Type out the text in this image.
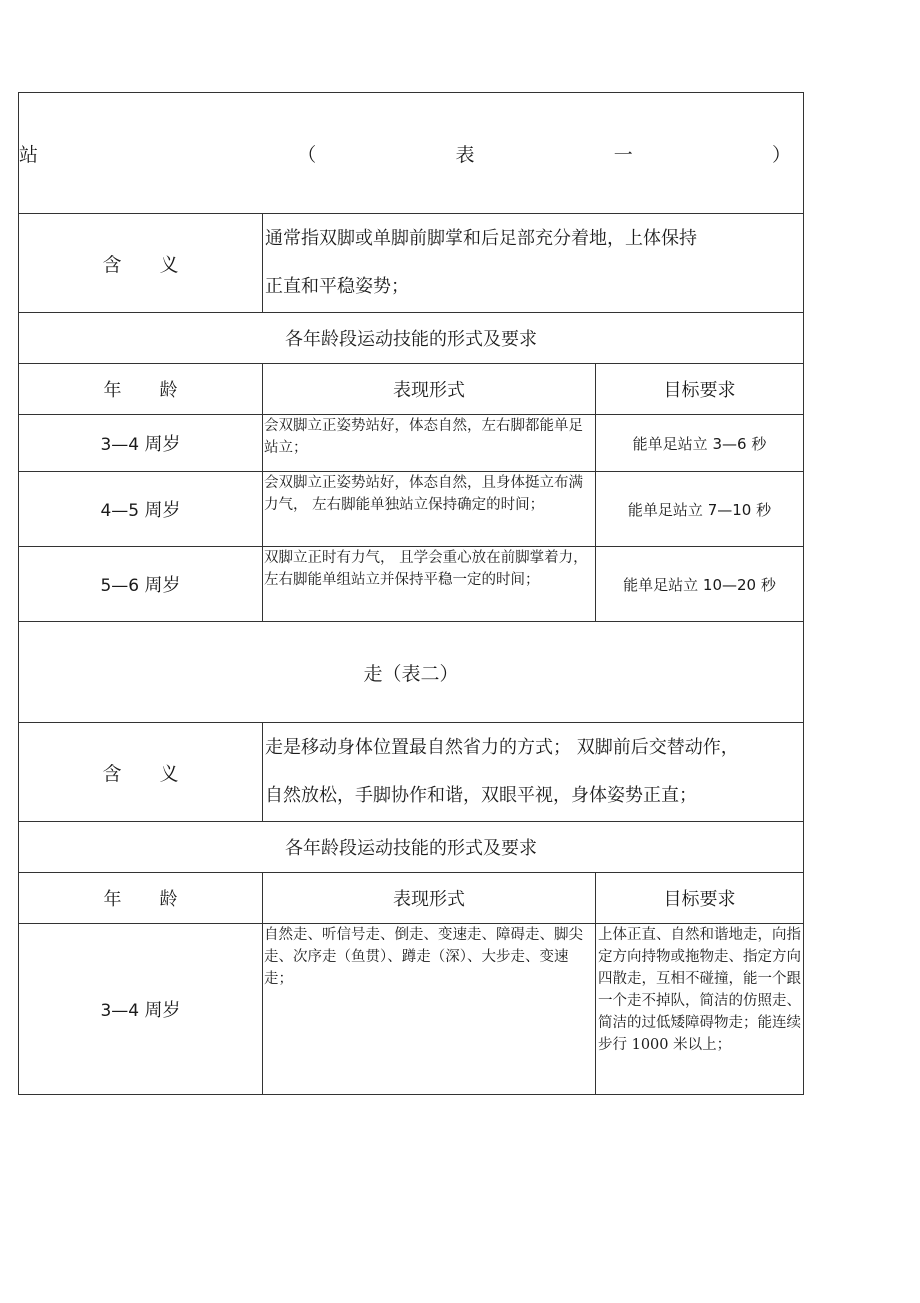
站 （ 表 一 ）		

含 义	通常指双脚或单脚前脚掌和后足部充分着地，上体保持
正直和平稳姿势；	

各年龄段运动技能的形式及要求		
年 龄	表现形式	目标要求
3—4 周岁	会双脚立正姿势站好，体态自然，左右脚都能单足站立；	能单足站立 3—6 秒
4—5 周岁	会双脚立正姿势站好，体态自然，且身体挺立布满力气， 左右脚能单独站立保持确定的时间；	能单足站立 7—10 秒
5—6 周岁	双脚立正时有力气， 且学会重心放在前脚掌着力， 左右脚能单组站立并保持平稳一定的时间；	能单足站立 10—20 秒
走（表二）		
含 义	走是移动身体位置最自然省力的方式； 双脚前后交替动作，
自然放松，手脚协作和谐，双眼平视，身体姿势正直；	

各年龄段运动技能的形式及要求		
年 龄	表现形式	目标要求
3—4 周岁	自然走、听信号走、倒走、变速走、障碍走、脚尖走、次序走（鱼贯）、蹲走（深）、大步走、变速走；	上体正直、自然和谐地走，向指定方向持物或拖物走、指定方向四散走，互相不碰撞，能一个跟一个走不掉队，简洁的仿照走、简洁的过低矮障碍物走；能连续步行 1000 米以上；
